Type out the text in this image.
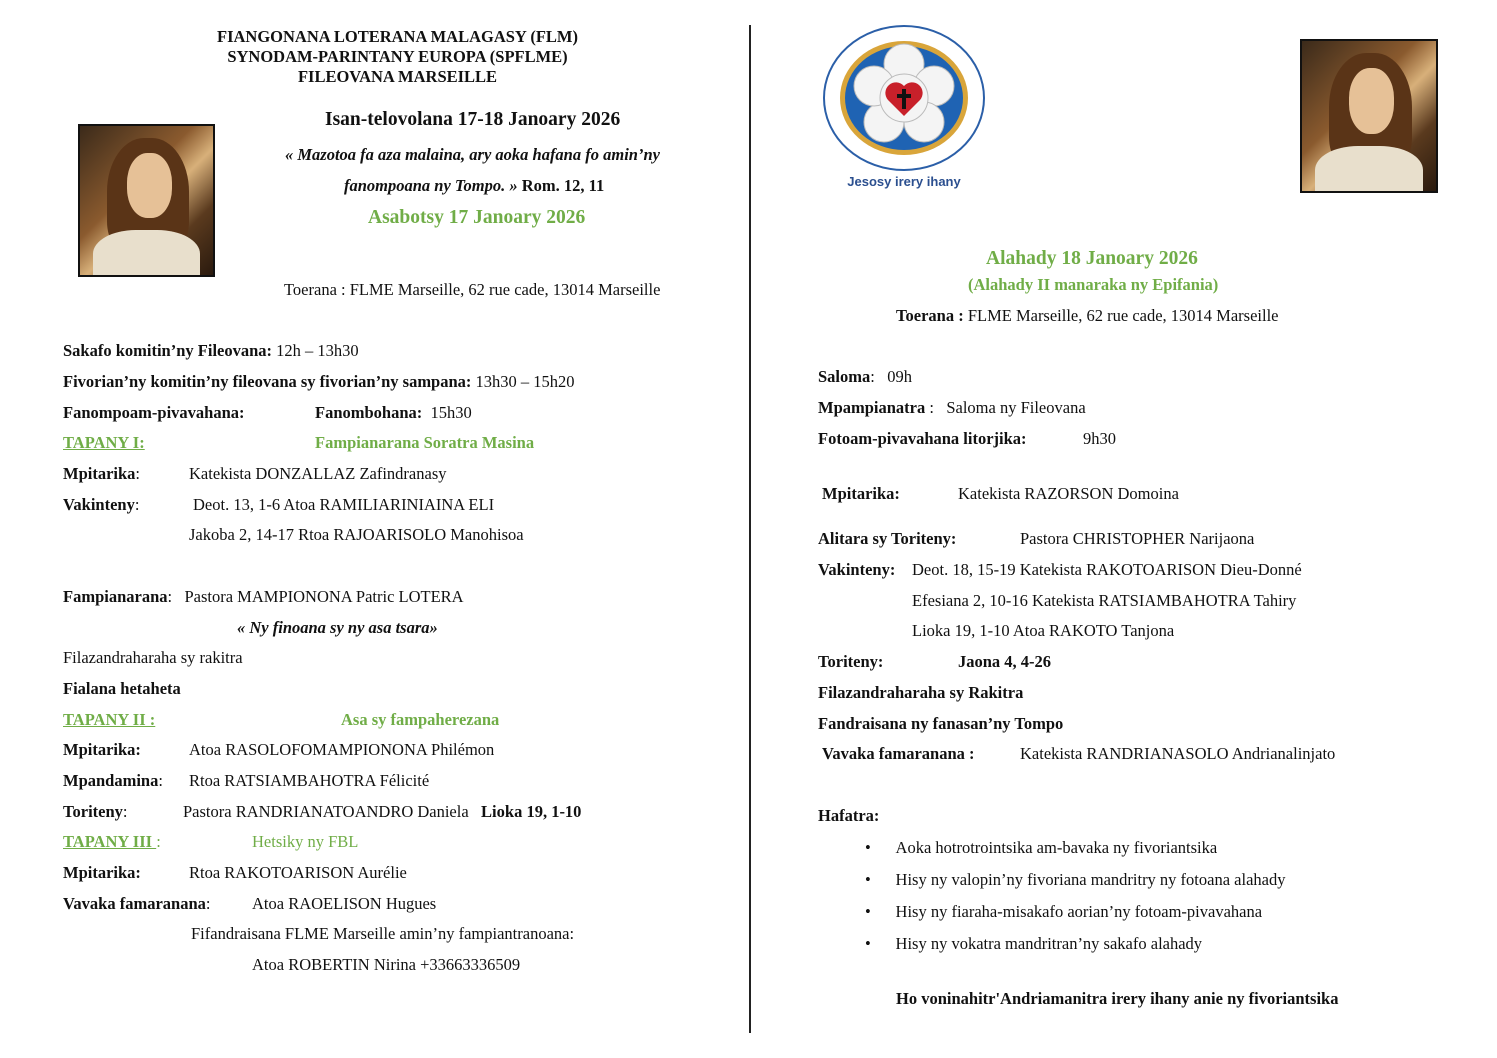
FIANGONANA LOTERANA MALAGASY (FLM)
SYNODAM-PARINTANY EUROPA (SPFLME)
FILEOVANA MARSEILLE
Isan-telovolana 17-18 Janoary 2026
« Mazotoa fa aza malaina, ary aoka hafana fo amin’ny
fanompoana ny Tompo. » Rom. 12, 11
Asabotsy 17 Janoary 2026
Toerana : FLME Marseille, 62 rue cade, 13014 Marseille
Sakafo komitin’ny Fileovana: 12h – 13h30
Fivorian’ny komitin’ny fileovana sy fivorian’ny sampana: 13h30 – 15h20
Fanompoam-pivavahana:	Fanombohana: 15h30
TAPANY I:	Fampianarana Soratra Masina
Mpitarika:	Katekista DONZALLAZ Zafindranasy
Vakinteny:	Deot. 13, 1-6 Atoa RAMILIARINIAINA ELI
Jakoba 2, 14-17 Rtoa RAJOARISOLO Manohisoa
Fampianarana:   Pastora MAMPIONONA Patric LOTERA
« Ny finoana sy ny asa tsara»
Filazandraharaha sy rakitra
Fialana hetaheta
TAPANY II :	Asa sy fampaherezana
Mpitarika:	Atoa RASOLOFOMAMPIONONA Philémon
Mpandamina: Rtoa RATSIAMBAHOTRA Félicité
Toriteny:	Pastora RANDRIANATOANDRO Daniela Lioka 19, 1-10
TAPANY III :	Hetsiky ny FBL
Mpitarika:	Rtoa RAKOTOARISON Aurélie
Vavaka famaranana:	Atoa RAOELISON Hugues
Fifandraisana FLME Marseille amin’ny fampiantranoana:
Atoa ROBERTIN Nirina +33663336509
Jesosy irery ihany
Alahady 18 Janoary 2026
(Alahady II manaraka ny Epifania)
Toerana : FLME Marseille, 62 rue cade, 13014 Marseille
Saloma:   09h
Mpampianatra :   Saloma ny Fileovana
Fotoam-pivavahana litorjika:	9h30
Mpitarika:	Katekista RAZORSON Domoina
Alitara sy Toriteny:	Pastora CHRISTOPHER Narijaona
Vakinteny: Deot. 18, 15-19 Katekista RAKOTOARISON Dieu-Donné
Efesiana 2, 10-16 Katekista RATSIAMBAHOTRA Tahiry
Lioka 19, 1-10 Atoa RAKOTO Tanjona
Toriteny:	Jaona 4, 4-26
Filazandraharaha sy Rakitra
Fandraisana ny fanasan’ny Tompo
Vavaka famaranana :	Katekista RANDRIANASOLO Andrianalinjato
Hafatra:
•      Aoka hotrotrointsika am-bavaka ny fivoriantsika
•      Hisy ny valopin’ny fivoriana mandritry ny fotoana alahady
•      Hisy ny fiaraha-misakafo aorian’ny fotoam-pivavahana
•      Hisy ny vokatra mandritran’ny sakafo alahady
Ho voninahitr'Andriamanitra irery ihany anie ny fivoriantsika
